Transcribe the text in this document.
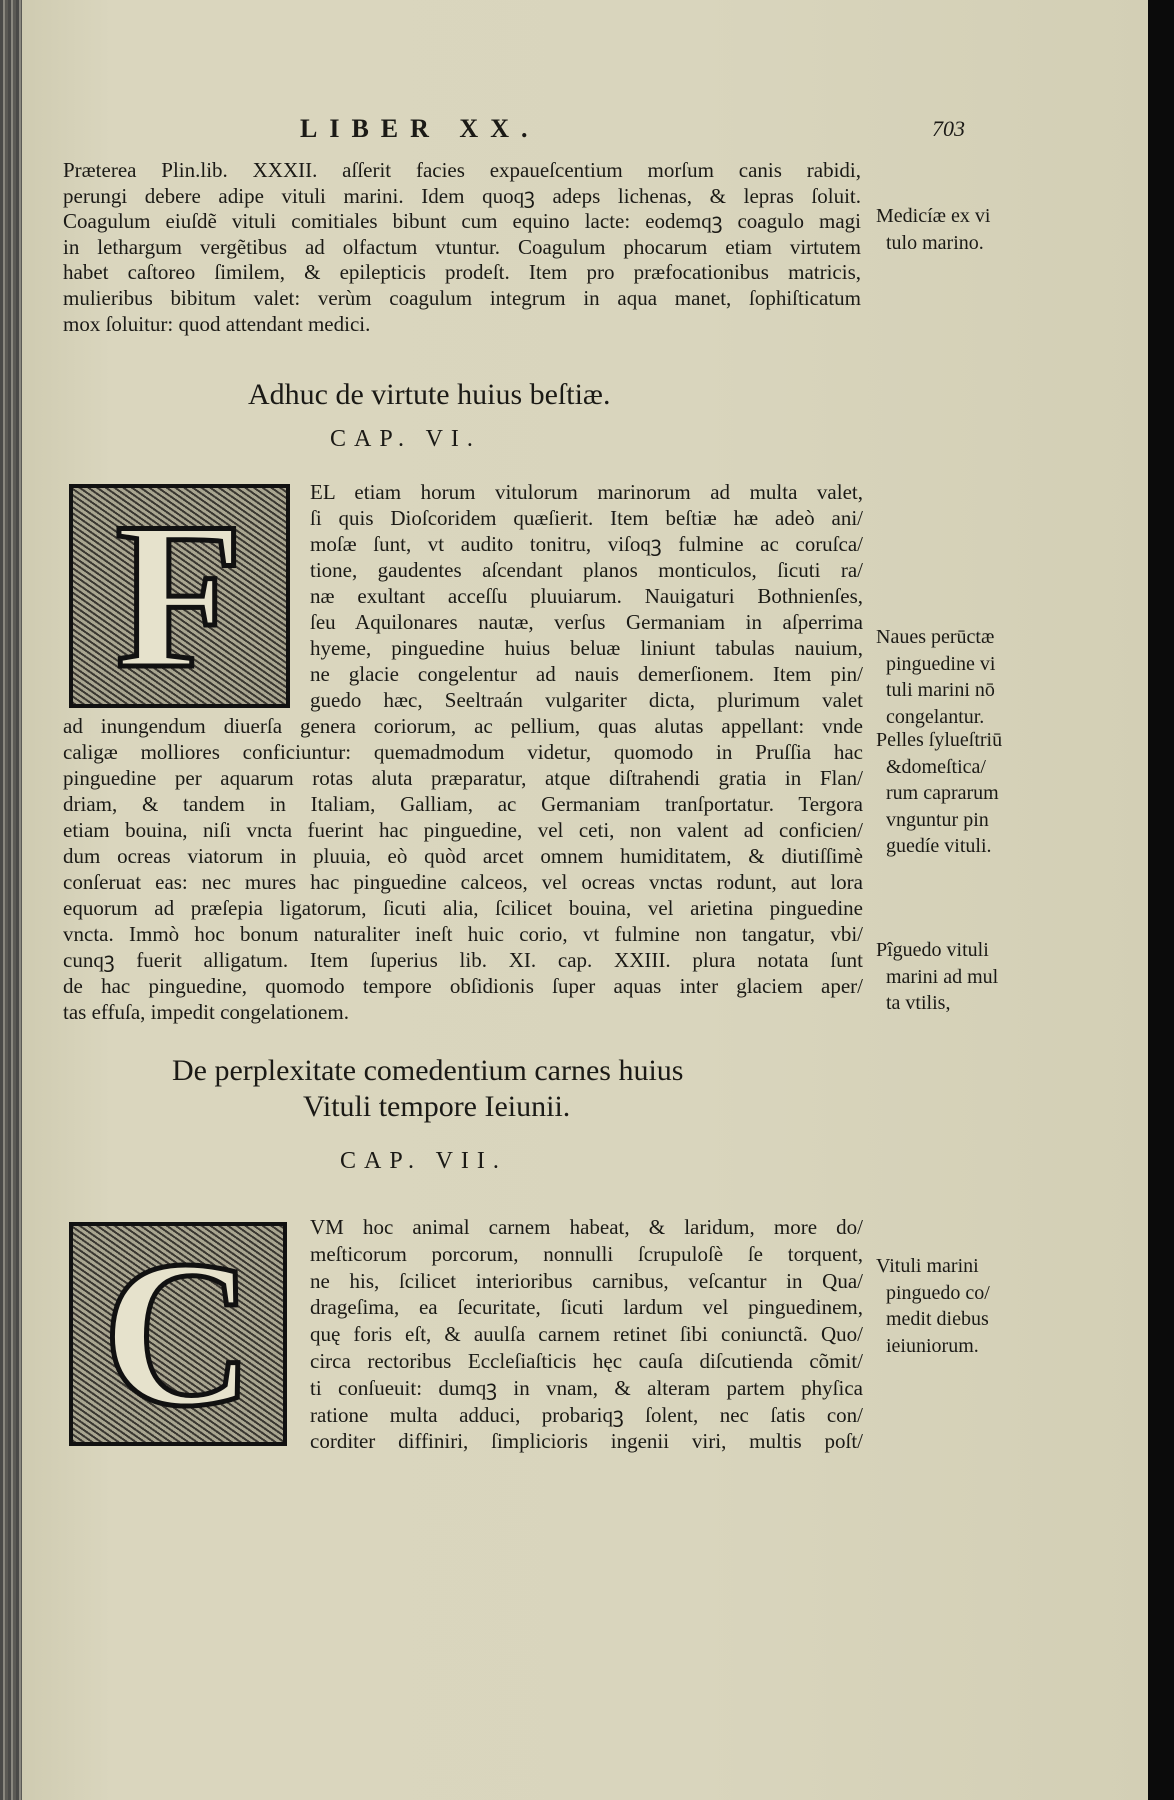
LIBER XX.	703
Adhuc de virtute huius beſtiæ.
CAP. VI.
F
De perplexitate comedentium carnes huius
Vituli tempore Ieiunii.
CAP. VII.
C
Præterea Plin.lib. XXXII. aſſerit facies expaueſcentium morſum canis rabidi,
perungi debere adipe vituli marini. Idem quoqꝫ adeps lichenas, & lepras ſoluit.
Coagulum eiuſdẽ vituli comitiales bibunt cum equino lacte: eodemqꝫ coagulo magi
in lethargum vergẽtibus ad olfactum vtuntur. Coagulum phocarum etiam virtutem
habet caſtoreo ſimilem, & epilepticis prodeſt. Item pro præfocationibus matricis,
mulieribus bibitum valet: verùm coagulum integrum in aqua manet, ſophiſticatum
mox ſoluitur: quod attendant medici.
EL etiam horum vitulorum marinorum ad multa valet,
ſi quis Dioſcoridem quæſierit. Item beſtiæ hæ adeò ani/
moſæ ſunt, vt audito tonitru, viſoqꝫ fulmine ac coruſca/
tione, gaudentes aſcendant planos monticulos, ſicuti ra/
næ exultant acceſſu pluuiarum. Nauigaturi Bothnienſes,
ſeu Aquilonares nautæ, verſus Germaniam in aſperrima
hyeme, pinguedine huius beluæ liniunt tabulas nauium,
ne glacie congelentur ad nauis demerſionem. Item pin/
guedo hæc, Seeltraán vulgariter dicta, plurimum valet
ad inungendum diuerſa genera coriorum, ac pellium, quas alutas appellant: vnde
caligæ molliores conficiuntur: quemadmodum videtur, quomodo in Pruſſia hac
pinguedine per aquarum rotas aluta præparatur, atque diſtrahendi gratia in Flan/
driam, & tandem in Italiam, Galliam, ac Germaniam tranſportatur. Tergora
etiam bouina, niſi vncta fuerint hac pinguedine, vel ceti, non valent ad conficien/
dum ocreas viatorum in pluuia, eò quòd arcet omnem humiditatem, & diutiſſimè
conſeruat eas: nec mures hac pinguedine calceos, vel ocreas vnctas rodunt, aut lora
equorum ad præſepia ligatorum, ſicuti alia, ſcilicet bouina, vel arietina pinguedine
vncta. Immò hoc bonum naturaliter ineſt huic corio, vt fulmine non tangatur, vbi/
cunqꝫ fuerit alligatum. Item ſuperius lib. XI. cap. XXIII. plura notata ſunt
de hac pinguedine, quomodo tempore obſidionis ſuper aquas inter glaciem aper/
tas effuſa, impedit congelationem.
VM hoc animal carnem habeat, & laridum, more do/
meſticorum porcorum, nonnulli ſcrupuloſè ſe torquent,
ne his, ſcilicet interioribus carnibus, veſcantur in Qua/
drageſima, ea ſecuritate, ſicuti lardum vel pinguedinem,
quę foris eſt, & auulſa carnem retinet ſibi coniunctã. Quo/
circa rectoribus Eccleſiaſticis hęc cauſa diſcutienda cõmit/
ti conſueuit: dumqꝫ in vnam, & alteram partem phyſica
ratione multa adduci, probariqꝫ ſolent, nec ſatis con/
corditer diffiniri, ſimplicioris ingenii viri, multis poſt/
Medicíæ ex vi
tulo marino.
Naues perūctæ
pinguedine vi
tuli marini nō
congelantur.
Pelles ſylueſtriū
&domeſtica/
rum caprarum
vnguntur pin
guedíe vituli.
Pîguedo vituli
marini ad mul
ta vtilis,
Vituli marini
pinguedo co/
medit diebus
ieiuniorum.
